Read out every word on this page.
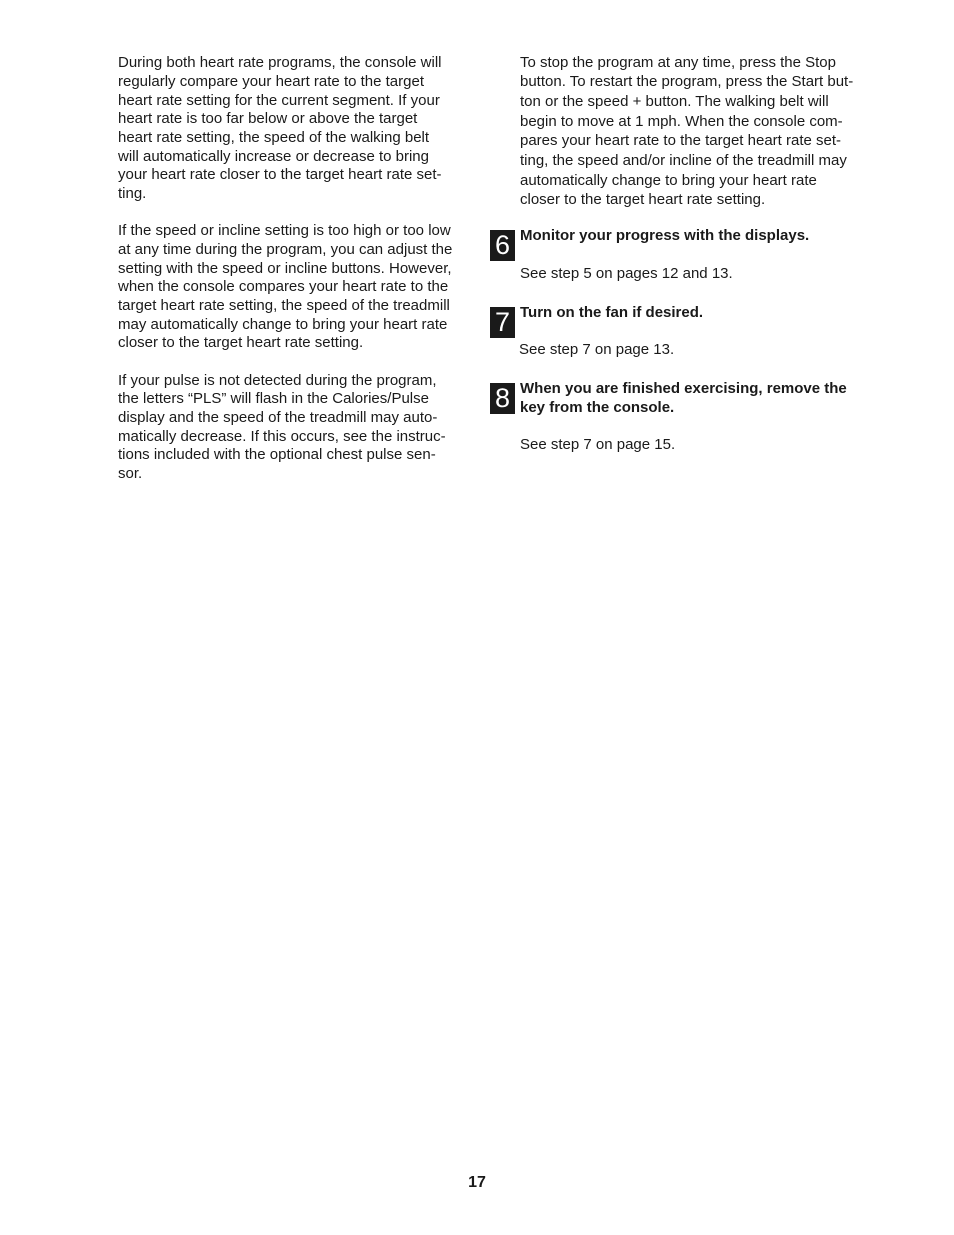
During both heart rate programs, the console will
regularly compare your heart rate to the target
heart rate setting for the current segment. If your
heart rate is too far below or above the target
heart rate setting, the speed of the walking belt
will automatically increase or decrease to bring
your heart rate closer to the target heart rate set-
ting.
If the speed or incline setting is too high or too low
at any time during the program, you can adjust the
setting with the speed or incline buttons. However,
when the console compares your heart rate to the
target heart rate setting, the speed of the treadmill
may automatically change to bring your heart rate
closer to the target heart rate setting.
If your pulse is not detected during the program,
the letters “PLS” will flash in the Calories/Pulse
display and the speed of the treadmill may auto-
matically decrease. If this occurs, see the instruc-
tions included with the optional chest pulse sen-
sor.
To stop the program at any time, press the Stop
button. To restart the program, press the Start but-
ton or the speed + button. The walking belt will
begin to move at 1 mph. When the console com-
pares your heart rate to the target heart rate set-
ting, the speed and/or incline of the treadmill may
automatically change to bring your heart rate
closer to the target heart rate setting.
Monitor your progress with the displays.
See step 5 on pages 12 and 13.
Turn on the fan if desired.
See step 7 on page 13.
When you are finished exercising, remove the
key from the console.
See step 7 on page 15.
6
7
8
17
